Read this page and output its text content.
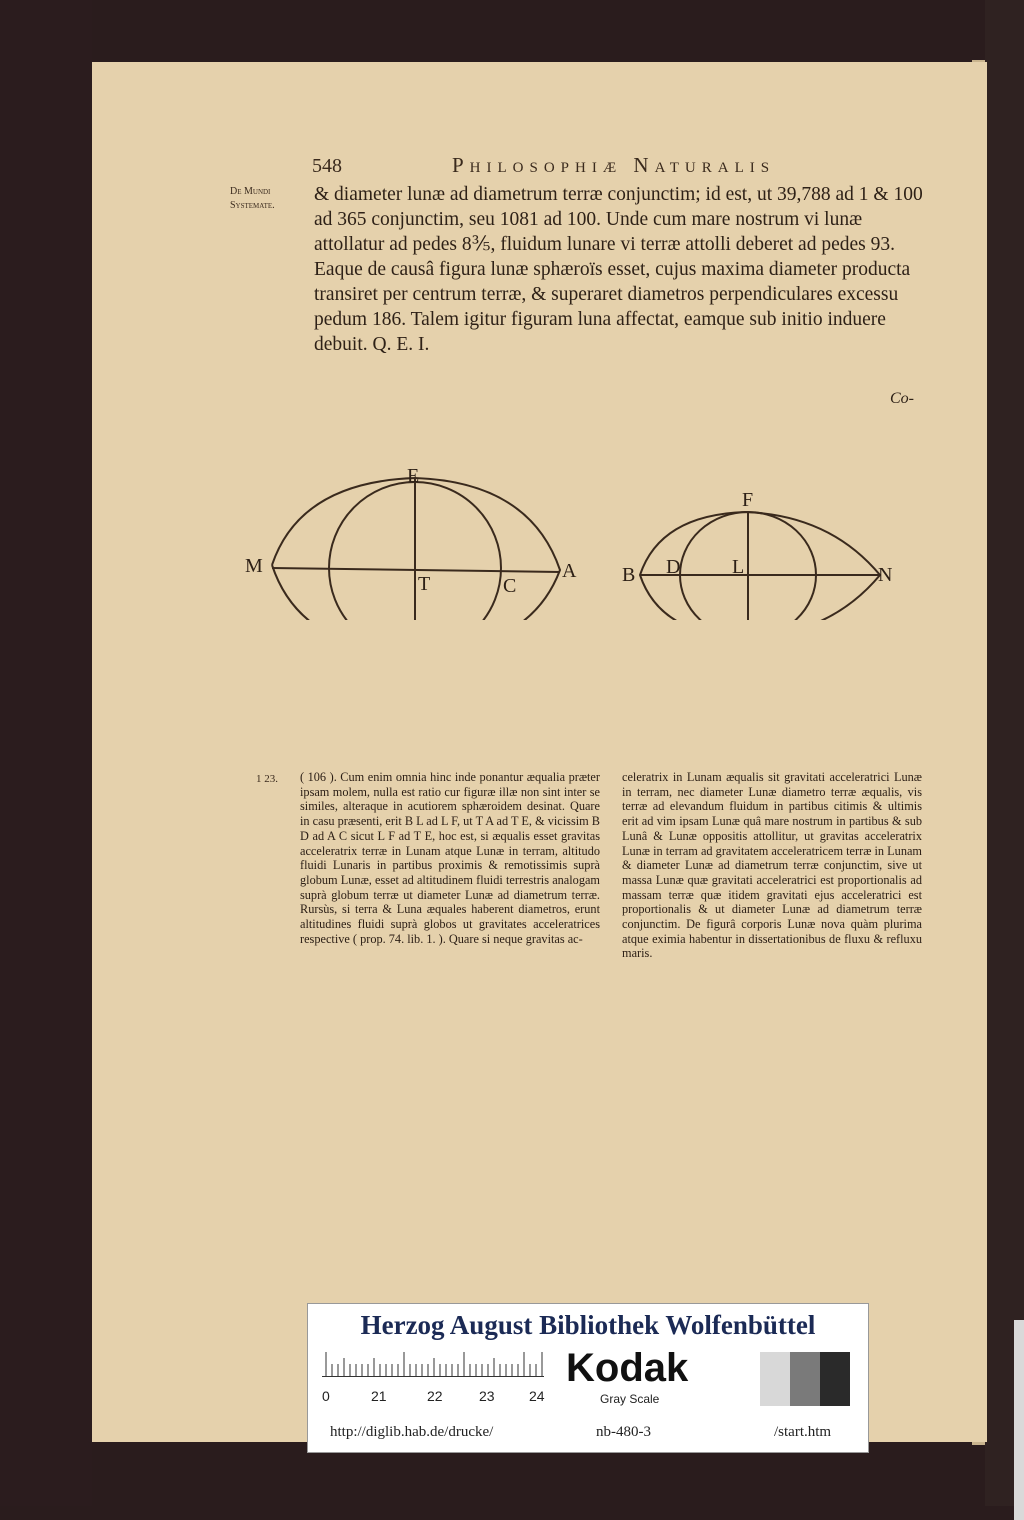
548	Philosophiæ Naturalis
De Mundi Systemate.

& diameter lunæ ad diametrum terræ conjunctim; id est, ut 39,788 ad 1 & 100 ad 365 conjunctim, seu 1081 ad 100. Unde cum mare nostrum vi lunæ attollatur ad pedes 8⅗, fluidum lunare vi terræ attolli deberet ad pedes 93. Eaque de causâ figura lunæ sphæroïs esset, cujus maxima diameter producta transiret per centrum terræ, & superaret diametros perpendiculares excessu pedum 186. Talem igitur figuram luna affectat, eamque sub initio induere debuit. Q. E. I.

Co-
E
M
T	C
A
F
B D	L	N
1 23. ( 106 ). Cum enim omnia hinc inde ponantur æqualia præter ipsam molem, nulla est ratio cur figuræ illæ non sint inter se similes, alteraque in acutiorem sphæroidem desinat. Quare in casu præsenti, erit B L ad L F, ut T A ad T E, & vicissim B D ad A C sicut L F ad T E, hoc est, si æqualis esset gravitas acceleratrix terræ in Lunam atque Lunæ in terram, altitudo fluidi Lunaris in partibus proximis & remotissimis suprà globum Lunæ, esset ad altitudinem fluidi terrestris analogam suprà globum terræ ut diameter Lunæ ad diametrum terræ. Rursùs, si terra & Luna æquales haberent diametros, erunt altitudines fluidi suprà globos ut gravitates acceleratrices respective ( prop. 74. lib. 1. ). Quare si neque gravitas ac-
celeratrix in Lunam æqualis sit gravitati acceleratrici Lunæ in terram, nec diameter Lunæ diametro terræ æqualis, vis terræ ad elevandum fluidum in partibus citimis & ultimis erit ad vim ipsam Lunæ quâ mare nostrum in partibus & sub Lunâ & Lunæ oppositis attollitur, ut gravitas acceleratrix Lunæ in terram ad gravitatem acceleratricem terræ in Lunam & diameter Lunæ ad diametrum terræ conjunctim, sive ut massa Lunæ quæ gravitati acceleratrici est proportionalis ad massam terræ quæ itidem gravitati ejus acceleratrici est proportionalis & ut diameter Lunæ ad diametrum terræ conjunctim. De figurâ corporis Lunæ nova quàm plurima atque eximia habentur in dissertationibus de fluxu & refluxu maris.
Herzog August Bibliothek Wolfenbüttel
0	21	22	23 24
Kodak
Gray Scale
http://diglib.hab.de/drucke/	nb-480-3	/start.htm
